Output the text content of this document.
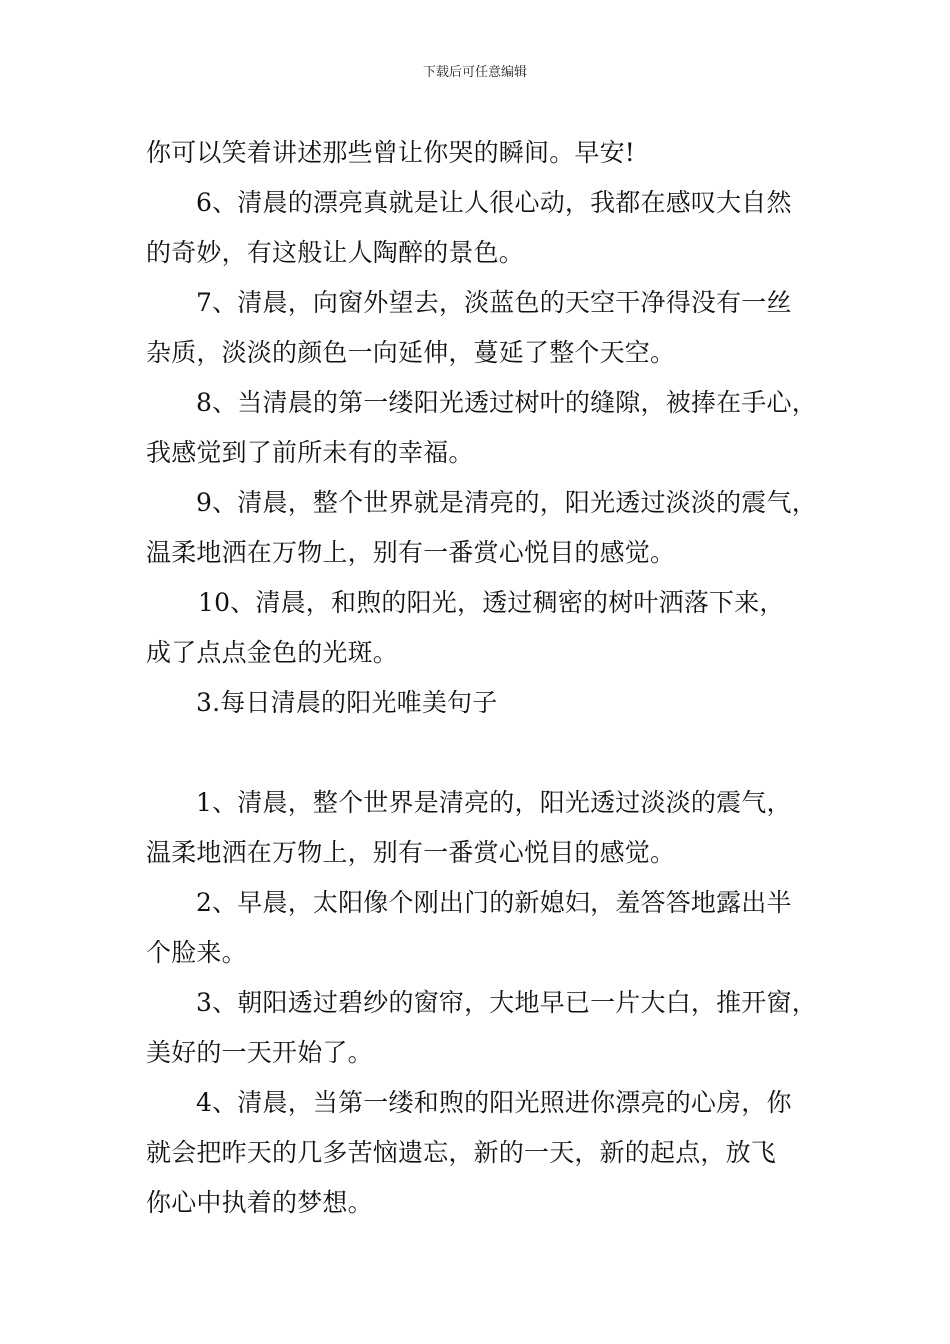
下载后可任意编辑
你可以笑着讲述那些曾让你哭的瞬间。早安!
6、清晨的漂亮真就是让人很心动，我都在感叹大自然
的奇妙，有这般让人陶醉的景色。
7、清晨，向窗外望去，淡蓝色的天空干净得没有一丝
杂质，淡淡的颜色一向延伸，蔓延了整个天空。
8、当清晨的第一缕阳光透过树叶的缝隙，被捧在手心，
我感觉到了前所未有的幸福。
9、清晨，整个世界就是清亮的，阳光透过淡淡的震气，
温柔地洒在万物上，别有一番赏心悦目的感觉。
10、清晨，和煦的阳光，透过稠密的树叶洒落下来，
成了点点金色的光斑。
3.每日清晨的阳光唯美句子
1、清晨，整个世界是清亮的，阳光透过淡淡的震气，
温柔地洒在万物上，别有一番赏心悦目的感觉。
2、早晨，太阳像个刚出门的新媳妇，羞答答地露出半
个脸来。
3、朝阳透过碧纱的窗帘，大地早已一片大白，推开窗，
美好的一天开始了。
4、清晨，当第一缕和煦的阳光照进你漂亮的心房，你
就会把昨天的几多苦恼遗忘，新的一天，新的起点，放飞
你心中执着的梦想。
